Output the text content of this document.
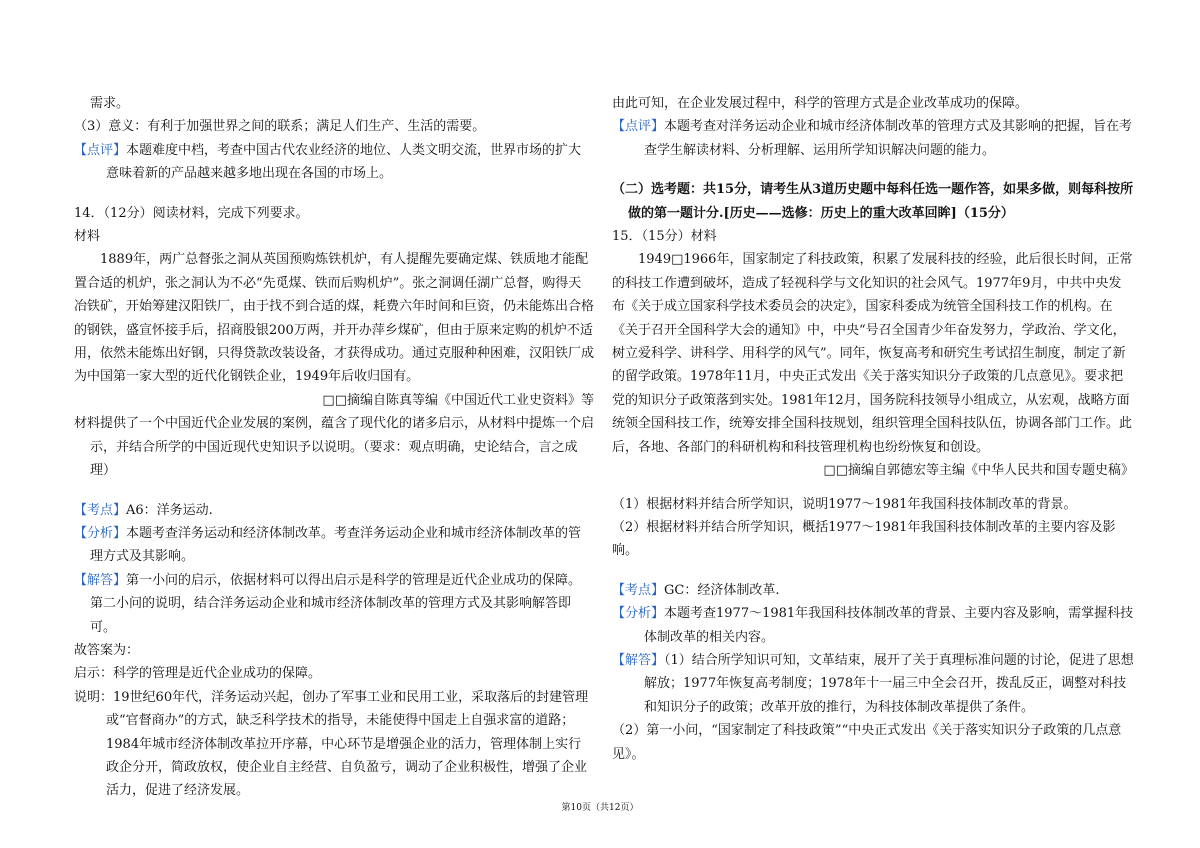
需求。

（3）意义：有利于加强世界之间的联系；满足人们生产、生活的需要。

【点评】本题难度中档，考查中国古代农业经济的地位、人类文明交流，世界市场的扩大意味着新的产品越来越多地出现在各国的市场上。

14．（12分）阅读材料，完成下列要求。

材料

1889年，两广总督张之洞从英国预购炼铁机炉，有人提醒先要确定煤、铁质地才能配置合适的机炉，张之洞认为不必“先觅煤、铁而后购机炉”。张之洞调任湖广总督，购得天冶铁矿，开始筹建汉阳铁厂，由于找不到合适的煤，耗费六年时间和巨资，仍未能炼出合格的钢铁，盛宣怀接手后，招商股银200万两，并开办萍乡煤矿，但由于原来定购的机炉不适用，依然未能炼出好钢，只得贷款改装设备，才获得成功。通过克服种种困难，汉阳铁厂成为中国第一家大型的近代化钢铁企业，1949年后收归国有。

□□摘编自陈真等编《中国近代工业史资料》等

材料提供了一个中国近代企业发展的案例，蕴含了现代化的诸多启示，从材料中提炼一个启示，并结合所学的中国近现代史知识予以说明。（要求：观点明确，史论结合，言之成理）

【考点】A6：洋务运动.

【分析】本题考查洋务运动和经济体制改革。考查洋务运动企业和城市经济体制改革的管理方式及其影响。

【解答】第一小问的启示，依据材料可以得出启示是科学的管理是近代企业成功的保障。第二小问的说明，结合洋务运动企业和城市经济体制改革的管理方式及其影响解答即可。

故答案为：

启示：科学的管理是近代企业成功的保障。

说明：19世纪60年代，洋务运动兴起，创办了军事工业和民用工业，采取落后的封建管理或“官督商办”的方式，缺乏科学技术的指导，未能使得中国走上自强求富的道路；1984年城市经济体制改革拉开序幕，中心环节是增强企业的活力，管理体制上实行政企分开，简政放权，使企业自主经营、自负盈亏，调动了企业积极性，增强了企业活力，促进了经济发展。

由此可知，在企业发展过程中，科学的管理方式是企业改革成功的保障。

【点评】本题考查对洋务运动企业和城市经济体制改革的管理方式及其影响的把握，旨在考查学生解读材料、分析理解、运用所学知识解决问题的能力。

（二）选考题：共15分，请考生从3道历史题中每科任选一题作答，如果多做，则每科按所做的第一题计分.[历史——选修：历史上的重大改革回眸]（15分）

15．（15分）材料

1949□1966年，国家制定了科技政策，积累了发展科技的经验，此后很长时间，正常的科技工作遭到破坏，造成了轻视科学与文化知识的社会风气。1977年9月，中共中央发布《关于成立国家科学技术委员会的决定》，国家科委成为统管全国科技工作的机构。在《关于召开全国科学大会的通知》中，中央“号召全国青少年奋发努力，学政治、学文化，树立爱科学、讲科学、用科学的风气”。同年，恢复高考和研究生考试招生制度，制定了新的留学政策。1978年11月，中央正式发出《关于落实知识分子政策的几点意见》。要求把党的知识分子政策落到实处。1981年12月，国务院科技领导小组成立，从宏观，战略方面统领全国科技工作，统筹安排全国科技规划，组织管理全国科技队伍，协调各部门工作。此后，各地、各部门的科研机构和科技管理机构也纷纷恢复和创设。

□□摘编自郭德宏等主编《中华人民共和国专题史稿》

（1）根据材料并结合所学知识，说明1977～1981年我国科技体制改革的背景。

（2）根据材料并结合所学知识，概括1977～1981年我国科技体制改革的主要内容及影响。

【考点】GC：经济体制改革.

【分析】本题考查1977～1981年我国科技体制改革的背景、主要内容及影响，需掌握科技体制改革的相关内容。

【解答】（1）结合所学知识可知，文革结束，展开了关于真理标准问题的讨论，促进了思想解放；1977年恢复高考制度；1978年十一届三中全会召开，拨乱反正，调整对科技和知识分子的政策；改革开放的推行，为科技体制改革提供了条件。

（2）第一小问，“国家制定了科技政策”“中央正式发出《关于落实知识分子政策的几点意见》。

第10页（共12页）
